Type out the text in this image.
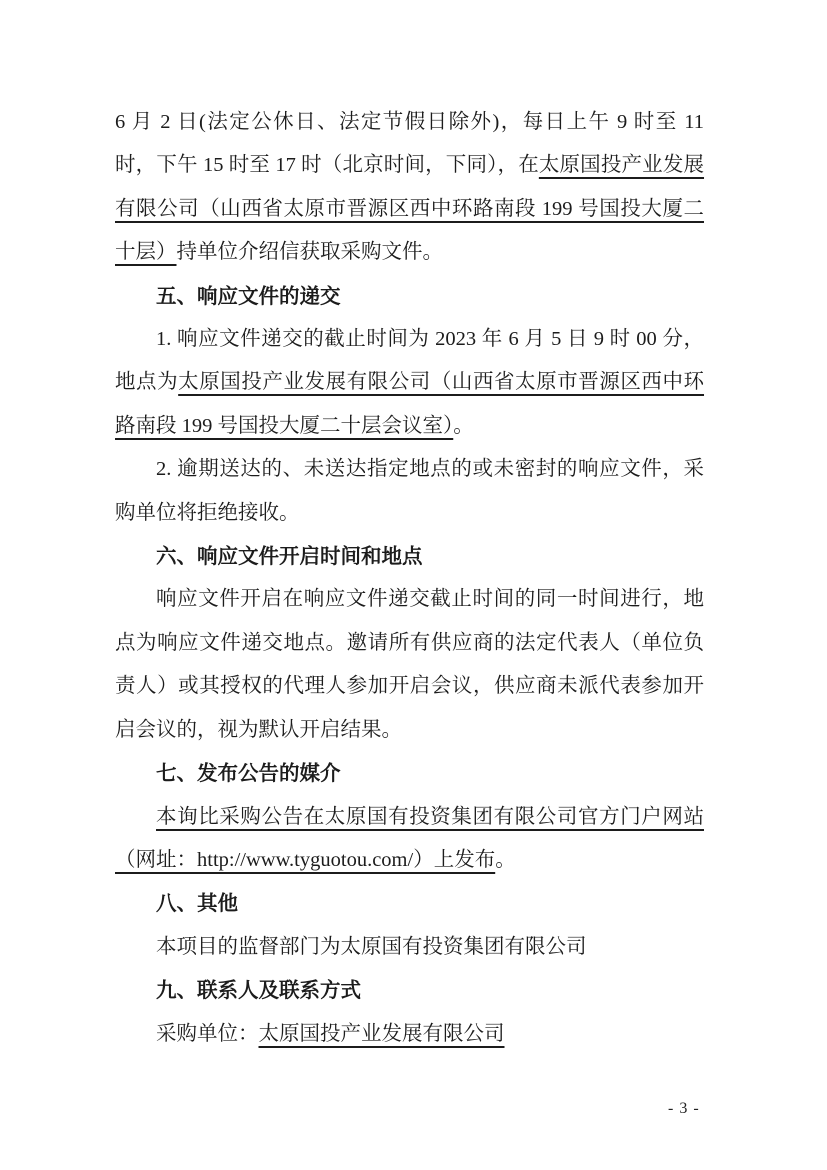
6 月 2 日(法定公休日、法定节假日除外)，每日上午 9 时至 11 时，下午 15 时至 17 时（北京时间，下同），在太原国投产业发展有限公司（山西省太原市晋源区西中环路南段 199 号国投大厦二十层）持单位介绍信获取采购文件。

五、响应文件的递交

1. 响应文件递交的截止时间为 2023 年 6 月 5 日 9 时 00 分，地点为太原国投产业发展有限公司（山西省太原市晋源区西中环路南段 199 号国投大厦二十层会议室）。

2. 逾期送达的、未送达指定地点的或未密封的响应文件，采购单位将拒绝接收。

六、响应文件开启时间和地点

响应文件开启在响应文件递交截止时间的同一时间进行，地点为响应文件递交地点。邀请所有供应商的法定代表人（单位负责人）或其授权的代理人参加开启会议，供应商未派代表参加开启会议的，视为默认开启结果。

七、发布公告的媒介

本询比采购公告在太原国有投资集团有限公司官方门户网站（网址：http://www.tyguotou.com/）上发布。

八、其他

本项目的监督部门为太原国有投资集团有限公司

九、联系人及联系方式

采购单位：太原国投产业发展有限公司

- 3 -
